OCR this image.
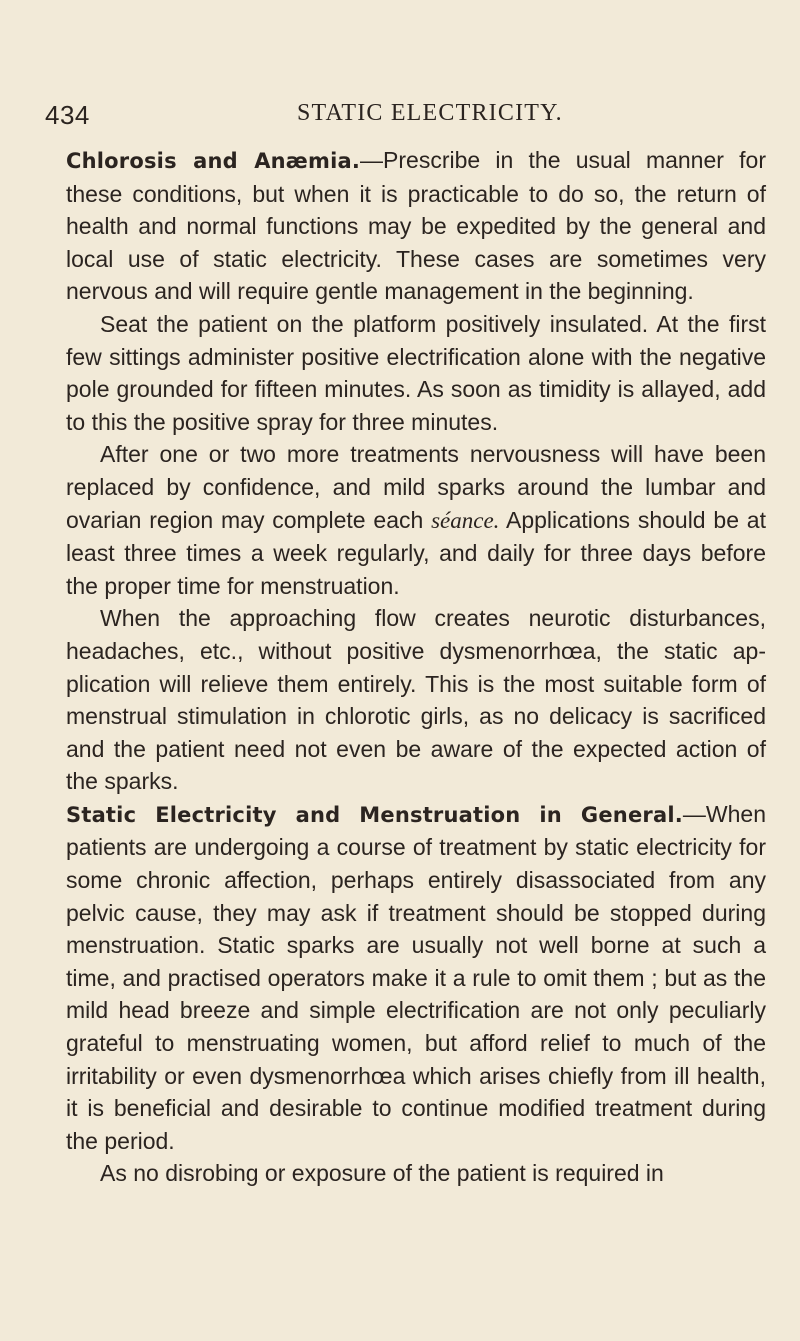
434	STATIC ELECTRICITY.

Chlorosis and Anæmia.—Prescribe in the usual manner for these conditions, but when it is practicable to do so, the return of health and normal functions may be expedited by the general and local use of static electricity. These cases are sometimes very nervous and will require gentle management in the beginning.

Seat the patient on the platform positively insulated. At the first few sittings administer positive electrification alone with the negative pole grounded for fifteen minutes. As soon as timidity is allayed, add to this the positive spray for three minutes.

After one or two more treatments nervousness will have been replaced by confidence, and mild sparks around the lumbar and ovarian region may complete each séance. Applications should be at least three times a week regularly, and daily for three days before the proper time for menstruation.

When the approaching flow creates neurotic disturbances, headaches, etc., without positive dysmenorrhœa, the static application will relieve them entirely. This is the most suitable form of menstrual stimulation in chlorotic girls, as no delicacy is sacrificed and the patient need not even be aware of the expected action of the sparks.

Static Electricity and Menstruation in General.—When patients are undergoing a course of treatment by static electricity for some chronic affection, perhaps entirely disassociated from any pelvic cause, they may ask if treatment should be stopped during menstruation. Static sparks are usually not well borne at such a time, and practised operators make it a rule to omit them ; but as the mild head breeze and simple electrification are not only peculiarly grateful to menstruating women, but afford relief to much of the irritability or even dysmenorrhœa which arises chiefly from ill health, it is beneficial and desirable to continue modified treatment during the period.

As no disrobing or exposure of the patient is required in
